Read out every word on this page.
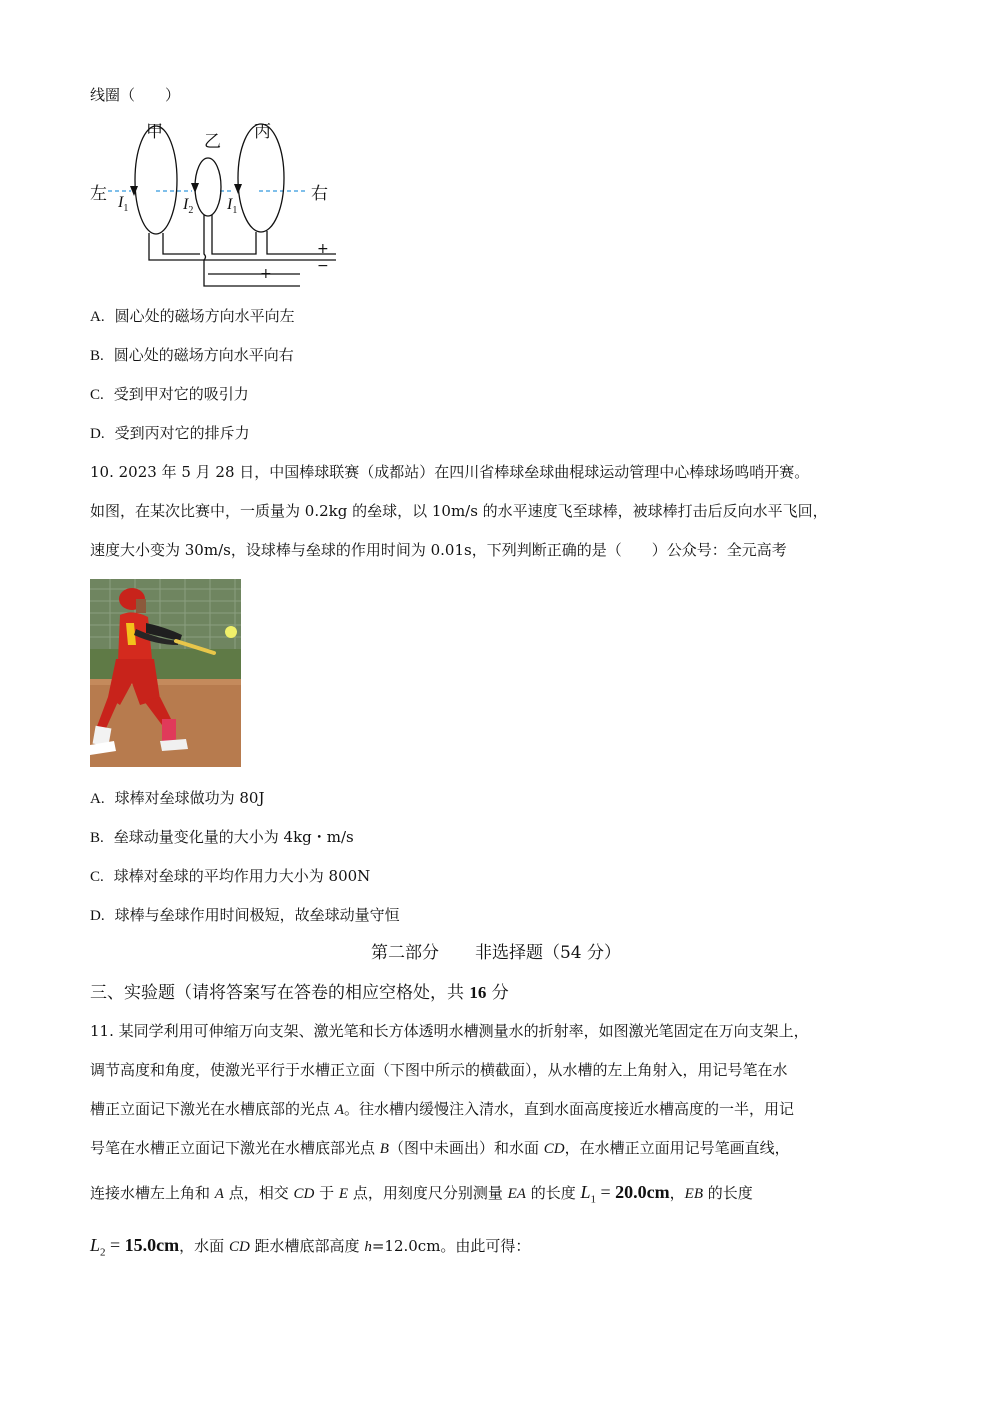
线圈（　　）
甲 乙 丙
左	右
$I_1$	$I_2$ $I_1$
+
−
+
A. 圆心处的磁场方向水平向左
B. 圆心处的磁场方向水平向右
C. 受到甲对它的吸引力
D. 受到丙对它的排斥力
10. 2023 年 5 月 28 日，中国棒球联赛（成都站）在四川省棒球垒球曲棍球运动管理中心棒球场鸣哨开赛。
如图，在某次比赛中，一质量为 0.2kg 的垒球，以 10m/s 的水平速度飞至球棒，被球棒打击后反向水平飞回，
速度大小变为 30m/s，设球棒与垒球的作用时间为 0.01s，下列判断正确的是（　　）公众号：全元高考
A. 球棒对垒球做功为 80J
B. 垒球动量变化量的大小为 4kg・m/s
C. 球棒对垒球的平均作用力大小为 800N
D. 球棒与垒球作用时间极短，故垒球动量守恒
第二部分 非选择题（54 分）
三、实验题（请将答案写在答卷的相应空格处，共 16 分
11. 某同学利用可伸缩万向支架、激光笔和长方体透明水槽测量水的折射率，如图激光笔固定在万向支架上，
调节高度和角度，使激光平行于水槽正立面（下图中所示的横截面），从水槽的左上角射入，用记号笔在水
槽正立面记下激光在水槽底部的光点 A。往水槽内缓慢注入清水，直到水面高度接近水槽高度的一半，用记
号笔在水槽正立面记下激光在水槽底部光点 B（图中未画出）和水面 CD，在水槽正立面用记号笔画直线，
连接水槽左上角和 A 点，相交 CD 于 E 点，用刻度尺分别测量 EA 的长度 $L_1 = 20.0cm$，EB 的长度
$L_2 = 15.0cm$，水面 CD 距水槽底部高度 h=12.0cm。由此可得：
